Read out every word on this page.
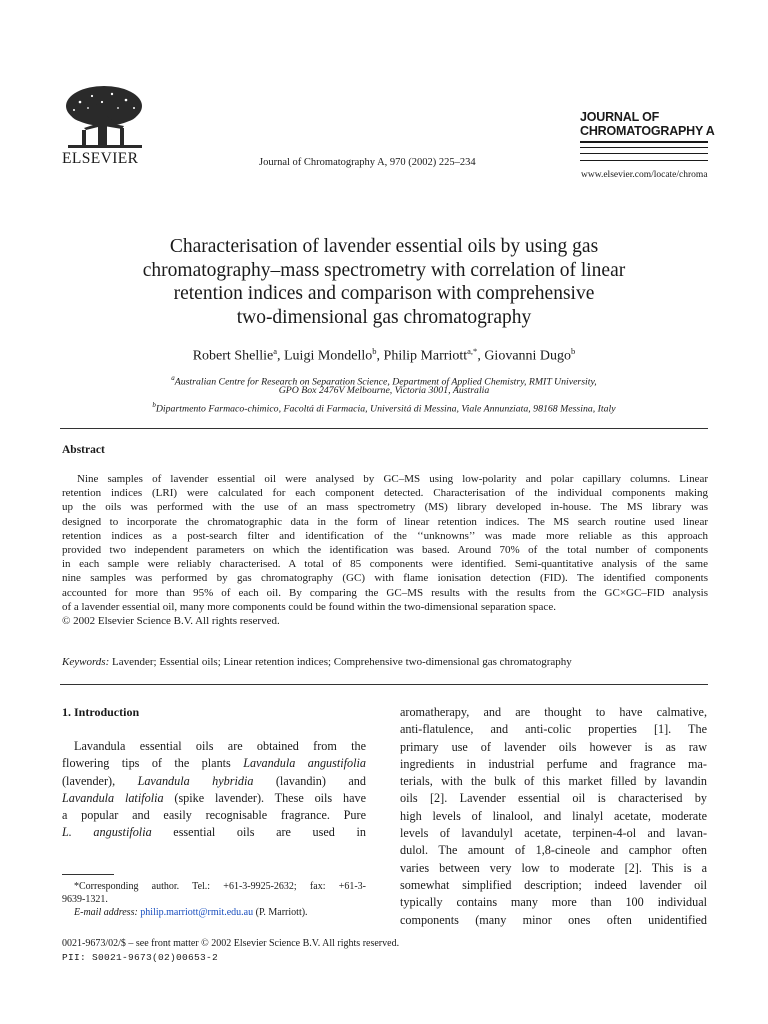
ELSEVIER	Journal of Chromatography A, 970 (2002) 225–234
JOURNAL OF
CHROMATOGRAPHY A
www.elsevier.com/locate/chroma
Characterisation of lavender essential oils by using gas
chromatography–mass spectrometry with correlation of linear
retention indices and comparison with comprehensive
two-dimensional gas chromatography
Robert Shellie$^a$, Luigi Mondello$^b$, Philip Marriott$^{a,*}$, Giovanni Dugo$^b$
$^a$Australian Centre for Research on Separation Science, Department of Applied Chemistry, RMIT University,
GPO Box 2476V Melbourne, Victoria 3001, Australia
$^b$Dipartmento Farmaco-chimico, Facoltá di Farmacia, Universitá di Messina, Viale Annunziata, 98168 Messina, Italy
Abstract
Nine samples of lavender essential oil were analysed by GC–MS using low-polarity and polar capillary columns. Linear
retention indices (LRI) were calculated for each component detected. Characterisation of the individual components making
up the oils was performed with the use of an mass spectrometry (MS) library developed in-house. The MS library was
designed to incorporate the chromatographic data in the form of linear retention indices. The MS search routine used linear
retention indices as a post-search filter and identification of the ‘‘unknowns’’ was made more reliable as this approach
provided two independent parameters on which the identification was based. Around 70% of the total number of components
in each sample were reliably characterised. A total of 85 components were identified. Semi-quantitative analysis of the same
nine samples was performed by gas chromatography (GC) with flame ionisation detection (FID). The identified components
accounted for more than 95% of each oil. By comparing the GC–MS results with the results from the GC×GC–FID analysis
of a lavender essential oil, many more components could be found within the two-dimensional separation space.
© 2002 Elsevier Science B.V. All rights reserved.
Keywords: Lavender; Essential oils; Linear retention indices; Comprehensive two-dimensional gas chromatography
1. Introduction
Lavandula essential oils are obtained from the
flowering tips of the plants Lavandula angustifolia
(lavender), Lavandula hybridia (lavandin) and
Lavandula latifolia (spike lavender). These oils have
a popular and easily recognisable fragrance. Pure
L. angustifolia essential oils are used in
aromatherapy, and are thought to have calmative,
anti-flatulence, and anti-colic properties [1]. The
primary use of lavender oils however is as raw
ingredients in industrial perfume and fragrance ma-
terials, with the bulk of this market filled by lavandin
oils [2]. Lavender essential oil is characterised by
high levels of linalool, and linalyl acetate, moderate
levels of lavandulyl acetate, terpinen-4-ol and lavan-
dulol. The amount of 1,8-cineole and camphor often
varies between very low to moderate [2]. This is a
somewhat simplified description; indeed lavender oil
typically contains many more than 100 individual
components (many minor ones often unidentified
*Corresponding author. Tel.: +61-3-9925-2632; fax: +61-3-
9639-1321.
E-mail address: philip.marriott@rmit.edu.au (P. Marriott).
0021-9673/02/$ – see front matter © 2002 Elsevier Science B.V. All rights reserved.
PII: S0021-9673(02)00653-2
